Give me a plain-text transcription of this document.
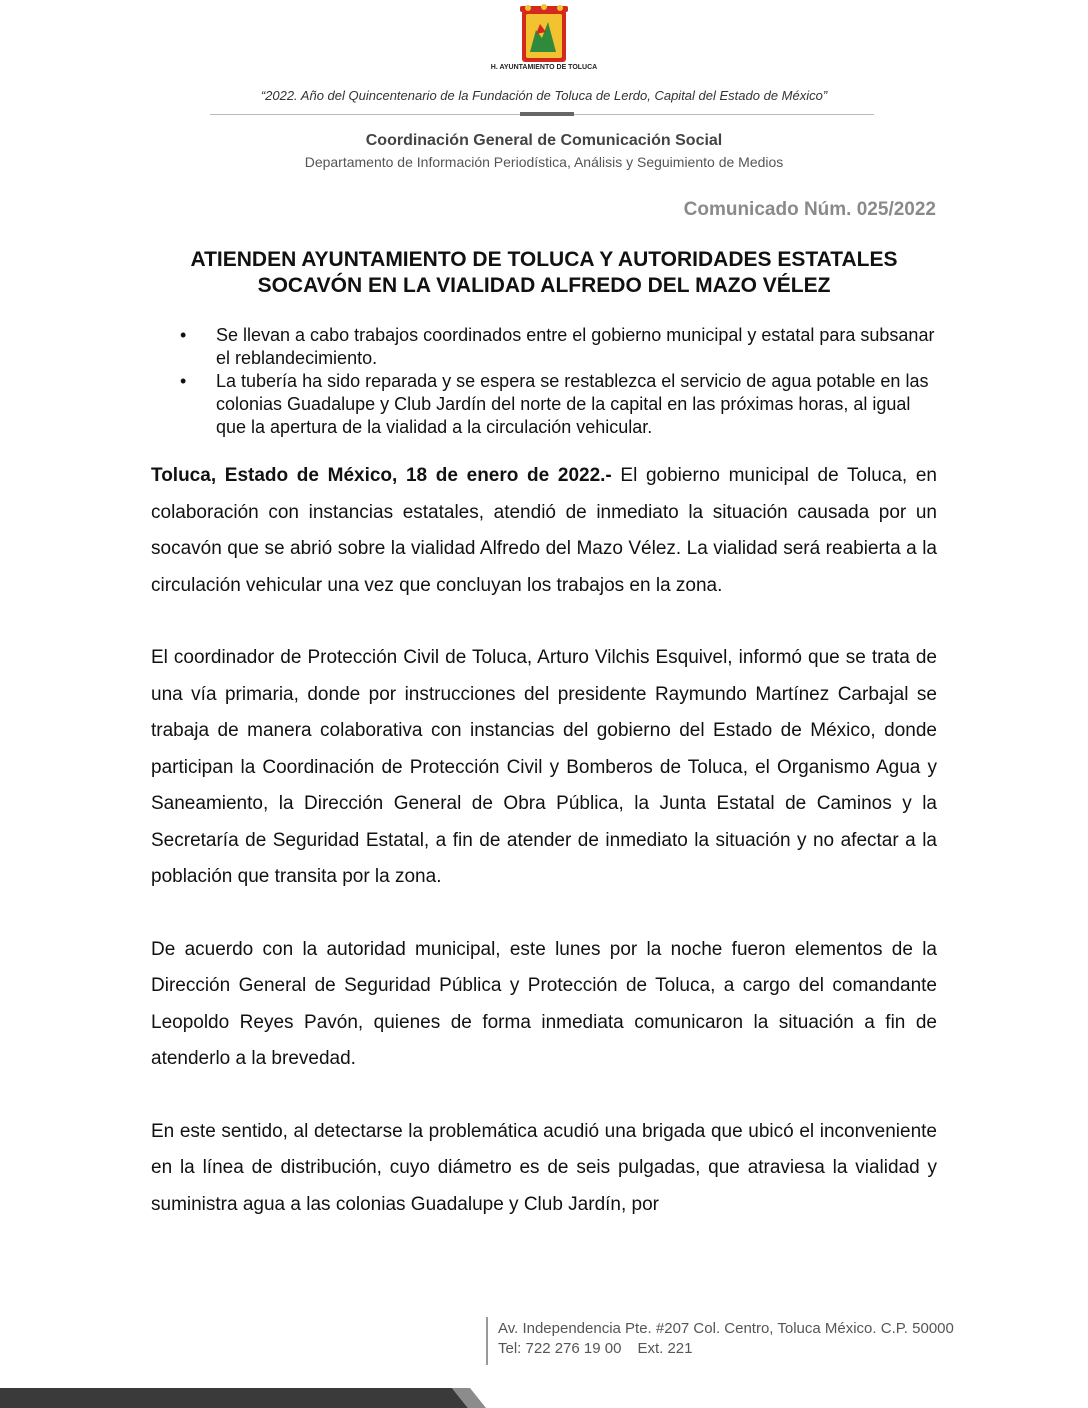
H. AYUNTAMIENTO DE TOLUCA
“2022. Año del Quincentenario de la Fundación de Toluca de Lerdo, Capital del Estado de México”
Coordinación General de Comunicación Social
Departamento de Información Periodística, Análisis y Seguimiento de Medios
Comunicado Núm. 025/2022
ATIENDEN AYUNTAMIENTO DE TOLUCA Y AUTORIDADES ESTATALES SOCAVÓN EN LA VIALIDAD ALFREDO DEL MAZO VÉLEZ
• Se llevan a cabo trabajos coordinados entre el gobierno municipal y estatal para subsanar el reblandecimiento.
• La tubería ha sido reparada y se espera se restablezca el servicio de agua potable en las colonias Guadalupe y Club Jardín del norte de la capital en las próximas horas, al igual que la apertura de la vialidad a la circulación vehicular.

Toluca, Estado de México, 18 de enero de 2022.- El gobierno municipal de Toluca, en colaboración con instancias estatales, atendió de inmediato la situación causada por un socavón que se abrió sobre la vialidad Alfredo del Mazo Vélez. La vialidad será reabierta a la circulación vehicular una vez que concluyan los trabajos en la zona.

El coordinador de Protección Civil de Toluca, Arturo Vilchis Esquivel, informó que se trata de una vía primaria, donde por instrucciones del presidente Raymundo Martínez Carbajal se trabaja de manera colaborativa con instancias del gobierno del Estado de México, donde participan la Coordinación de Protección Civil y Bomberos de Toluca, el Organismo Agua y Saneamiento, la Dirección General de Obra Pública, la Junta Estatal de Caminos y la Secretaría de Seguridad Estatal, a fin de atender de inmediato la situación y no afectar a la población que transita por la zona.

De acuerdo con la autoridad municipal, este lunes por la noche fueron elementos de la Dirección General de Seguridad Pública y Protección de Toluca, a cargo del comandante Leopoldo Reyes Pavón, quienes de forma inmediata comunicaron la situación a fin de atenderlo a la brevedad.

En este sentido, al detectarse la problemática acudió una brigada que ubicó el inconveniente en la línea de distribución, cuyo diámetro es de seis pulgadas, que atraviesa la vialidad y suministra agua a las colonias Guadalupe y Club Jardín, por

Av. Independencia Pte. #207 Col. Centro, Toluca México. C.P. 50000
Tel: 722 276 19 00 Ext. 221
